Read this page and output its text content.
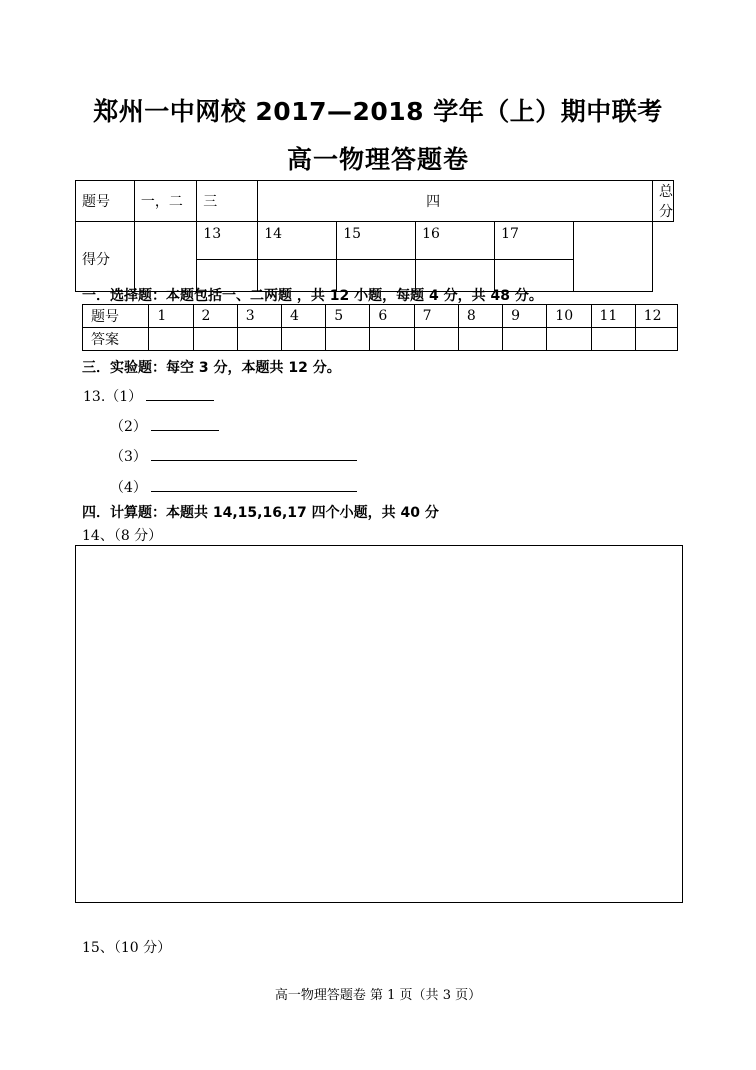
郑州一中网校 2017—2018 学年（上）期中联考
高一物理答题卷
题号	一，二	三	四					总分
得分		13	14	15	16	17		

一．选择题：本题包括一、二两题 ，共 12 小题，每题 4 分，共 48 分。
题号	1	2	3	4	5	6	7	8	9	10	11	12
答案												
三．实验题：每空 3 分，本题共 12 分。
13.（1）
（2）
（3）
（4）
四．计算题：本题共 14,15,16,17 四个小题，共 40 分
14、（8 分）
15、（10 分）
高一物理答题卷 第 1 页（共 3 页）
